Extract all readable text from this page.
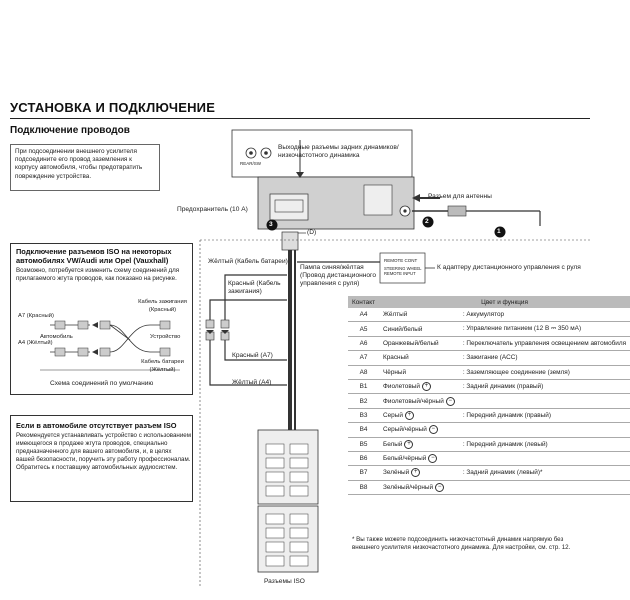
УСТАНОВКА И ПОДКЛЮЧЕНИЕ
Подключение проводов
При подсоединении внешнего усилителя подсоедините его провод заземления к корпусу автомобиля, чтобы предотвратить повреждение устройства.
1
2
3
Выходные разъемы задних динамиков/ низкочастотного динамика
REAR/SW
Предохранитель (10 A)
Разъем для антенны
(D)
Пампа синяя/жёлтая (Провод дистанционного управления с руля)
REMOTE CONT
STEERING WHEEL REMOTE INPUT
К адаптеру дистанционного управления с руля
Жёлтый (Кабель батареи)
Красный (Кабель зажигания)
Красный (A7)
Жёлтый (A4)
Разъемы ISO
Подключение разъемов ISO на некоторых автомобилях VW/Audi или Opel (Vauxhall)
Возможно, потребуется изменить схему соединений для прилагаемого жгута проводов, как показано на рисунке.
Кабель зажигания (Красный)
Кабель батареи (Жёлтый)
A7 (Красный)
A4 (Жёлтый)
Автомобиль	Устройство
Схема соединений по умолчанию
Если в автомобиле отсутствует разъем ISO
Рекомендуется устанавливать устройство с использованием имеющегося в продаже жгута проводов, специально предназначенного для вашего автомобиля, и, в целях вашей безопасности, поручить эту работу профессионалам. Обратитесь к поставщику автомобильных аудиосистем.
Контакт	Цвет и функция	
A4	Жёлтый	: Аккумулятор
A5	Синий/белый	: Управление питанием (12 В ⎓ 350 мА)
A6	Оранжевый/белый	: Переключатель управления освещением автомобиля
A7	Красный	: Зажигание (ACC)
A8	Чёрный	: Заземляющее соединение (земля)
B1	Фиолетовый +	: Задний динамик (правый)
B2	Фиолетовый/чёрный −	
B3	Серый +	: Передний динамик (правый)
B4	Серый/чёрный −	
B5	Белый +	: Передний динамик (левый)
B6	Белый/чёрный −	
B7	Зелёный +	: Задний динамик (левый)*
B8	Зелёный/чёрный −	
* Вы также можете подсоединить низкочастотный динамик напрямую без внешнего усилителя низкочастотного динамика. Для настройки, см. стр. 12.
